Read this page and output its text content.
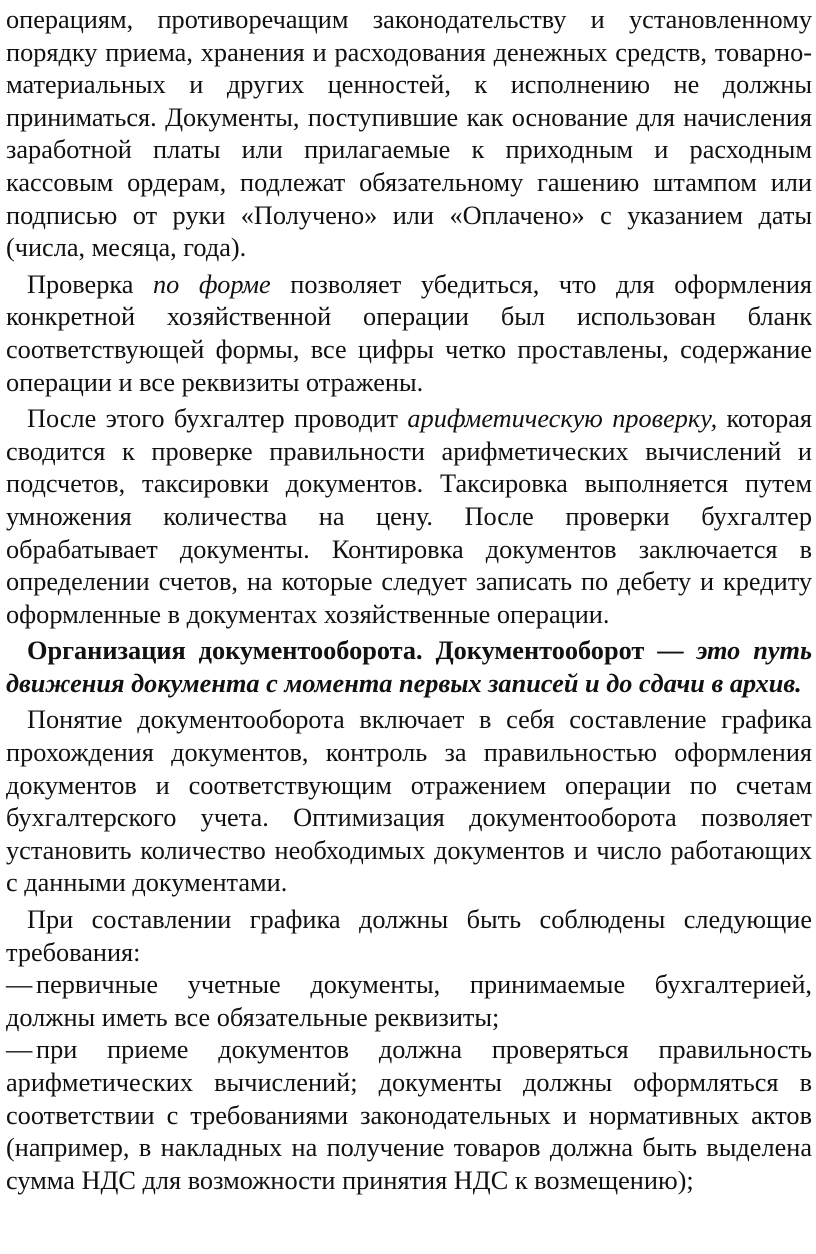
операциям, противоречащим законодательству и установленному порядку приема, хранения и расходования денежных средств, товарно-материальных и других ценностей, к исполнению не должны приниматься. Документы, поступившие как основание для начисления заработной платы или прилагаемые к приходным и расходным кассовым ордерам, подлежат обязательному гашению штампом или подписью от руки «Получено» или «Оплачено» с указанием даты (числа, месяца, года).

Проверка по форме позволяет убедиться, что для оформления конкретной хозяйственной операции был использован бланк соответствующей формы, все цифры четко проставлены, содержание операции и все реквизиты отражены.

После этого бухгалтер проводит арифметическую проверку, которая сводится к проверке правильности арифметических вычислений и подсчетов, таксировки документов. Таксировка выполняется путем умножения количества на цену. После проверки бухгалтер обрабатывает документы. Контировка документов заключается в определении счетов, на которые следует записать по дебету и кредиту оформленные в документах хозяйственные операции.

Организация документооборота. Документооборот — это путь движения документа с момента первых записей и до сдачи в архив.

Понятие документооборота включает в себя составление графика прохождения документов, контроль за правильностью оформления документов и соответствующим отражением операции по счетам бухгалтерского учета. Оптимизация документооборота позволяет установить количество необходимых документов и число работающих с данными документами.

При составлении графика должны быть соблюдены следующие требования:

— первичные учетные документы, принимаемые бухгалтерией, должны иметь все обязательные реквизиты;

— при приеме документов должна проверяться правильность арифметических вычислений; документы должны оформляться в соответствии с требованиями законодательных и нормативных актов (например, в накладных на получение товаров должна быть выделена сумма НДС для возможности принятия НДС к возмещению);
